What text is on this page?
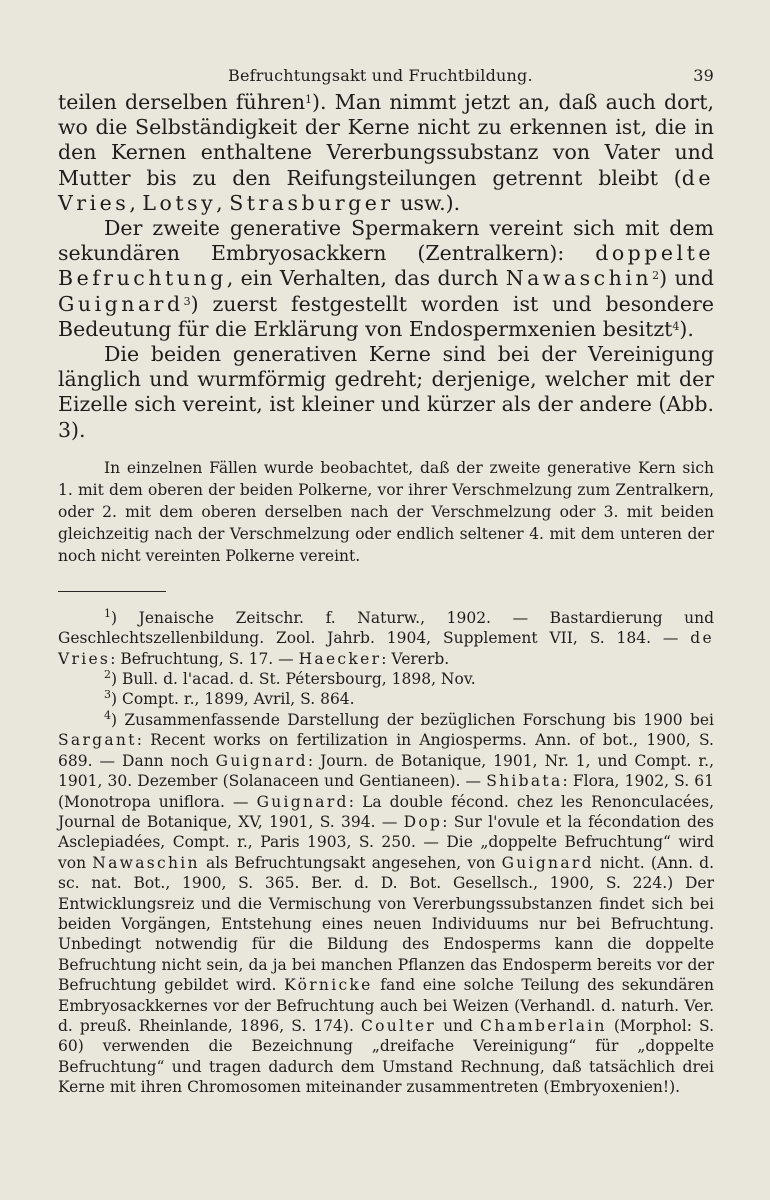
Befruchtungsakt und Fruchtbildung.	39

teilen derselben führen$^1$). Man nimmt jetzt an, daß auch dort, wo die Selbständigkeit der Kerne nicht zu erkennen ist, die in den Kernen enthaltene Vererbungssubstanz von Vater und Mutter bis zu den Reifungsteilungen getrennt bleibt (de Vries, Lotsy, Strasburger usw.).

Der zweite generative Spermakern vereint sich mit dem sekundären Embryosackkern (Zentralkern): doppelte Befruchtung, ein Verhalten, das durch Nawaschin$^2$) und Guignard$^3$) zuerst festgestellt worden ist und besondere Bedeutung für die Erklärung von Endospermxenien besitzt$^4$).

Die beiden generativen Kerne sind bei der Vereinigung länglich und wurmförmig gedreht; derjenige, welcher mit der Eizelle sich vereint, ist kleiner und kürzer als der andere (Abb. 3).

In einzelnen Fällen wurde beobachtet, daß der zweite generative Kern sich 1. mit dem oberen der beiden Polkerne, vor ihrer Verschmelzung zum Zentralkern, oder 2. mit dem oberen derselben nach der Verschmelzung oder 3. mit beiden gleichzeitig nach der Verschmelzung oder endlich seltener 4. mit dem unteren der noch nicht vereinten Polkerne vereint.

$^1$) Jenaische Zeitschr. f. Naturw., 1902. — Bastardierung und Geschlechtszellenbildung. Zool. Jahrb. 1904, Supplement VII, S. 184. — de Vries: Befruchtung, S. 17. — Haecker: Vererb.

$^2$) Bull. d. l'acad. d. St. Pétersbourg, 1898, Nov.

$^3$) Compt. r., 1899, Avril, S. 864.

$^4$) Zusammenfassende Darstellung der bezüglichen Forschung bis 1900 bei Sargant: Recent works on fertilization in Angiosperms. Ann. of bot., 1900, S. 689. — Dann noch Guignard: Journ. de Botanique, 1901, Nr. 1, und Compt. r., 1901, 30. Dezember (Solanaceen und Gentianeen). — Shibata: Flora, 1902, S. 61 (Monotropa uniflora. — Guignard: La double fécond. chez les Renonculacées, Journal de Botanique, XV, 1901, S. 394. — Dop: Sur l'ovule et la fécondation des Asclepiadées, Compt. r., Paris 1903, S. 250. — Die „doppelte Befruchtung“ wird von Nawaschin als Befruchtungsakt angesehen, von Guignard nicht. (Ann. d. sc. nat. Bot., 1900, S. 365. Ber. d. D. Bot. Gesellsch., 1900, S. 224.) Der Entwicklungsreiz und die Vermischung von Vererbungssubstanzen findet sich bei beiden Vorgängen, Entstehung eines neuen Individuums nur bei Befruchtung. Unbedingt notwendig für die Bildung des Endosperms kann die doppelte Befruchtung nicht sein, da ja bei manchen Pflanzen das Endosperm bereits vor der Befruchtung gebildet wird. Körnicke fand eine solche Teilung des sekundären Embryosackkernes vor der Befruchtung auch bei Weizen (Verhandl. d. naturh. Ver. d. preuß. Rheinlande, 1896, S. 174). Coulter und Chamberlain (Morphol: S. 60) verwenden die Bezeichnung „dreifache Vereinigung“ für „doppelte Befruchtung“ und tragen dadurch dem Umstand Rechnung, daß tatsächlich drei Kerne mit ihren Chromosomen miteinander zusammentreten (Embryoxenien!).
